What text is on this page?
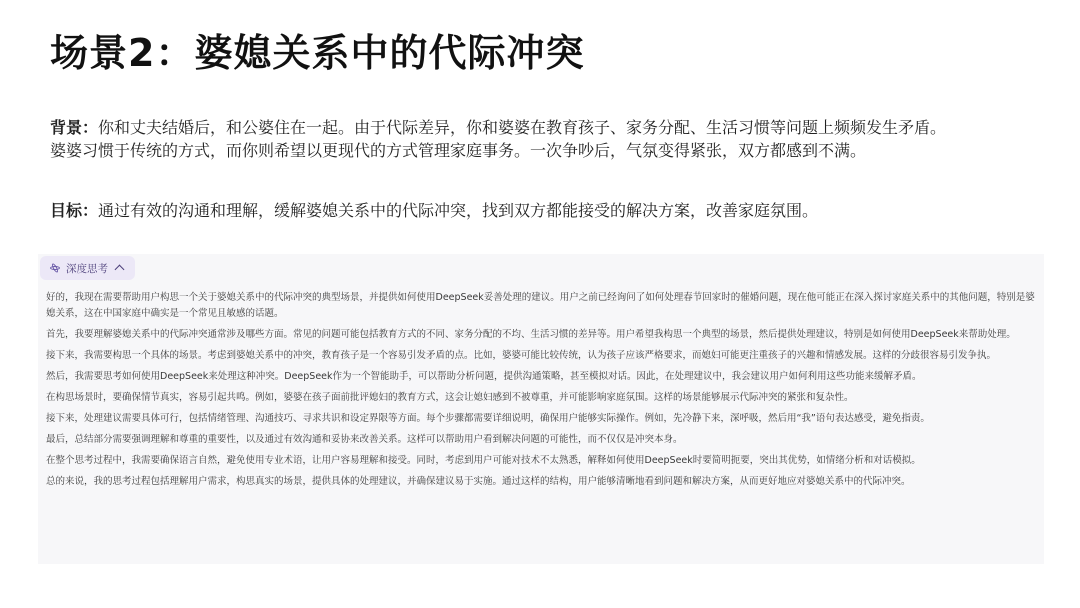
场景2：婆媳关系中的代际冲突
背景：你和丈夫结婚后，和公婆住在一起。由于代际差异，你和婆婆在教育孩子、家务分配、生活习惯等问题上频频发生矛盾。婆婆习惯于传统的方式，而你则希望以更现代的方式管理家庭事务。一次争吵后，气氛变得紧张，双方都感到不满。
目标：通过有效的沟通和理解，缓解婆媳关系中的代际冲突，找到双方都能接受的解决方案，改善家庭氛围。
深度思考

好的，我现在需要帮助用户构思一个关于婆媳关系中的代际冲突的典型场景，并提供如何使用DeepSeek妥善处理的建议。用户之前已经询问了如何处理春节回家时的催婚问题，现在他可能正在深入探讨家庭关系中的其他问题，特别是婆媳关系，这在中国家庭中确实是一个常见且敏感的话题。

首先，我要理解婆媳关系中的代际冲突通常涉及哪些方面。常见的问题可能包括教育方式的不同、家务分配的不均、生活习惯的差异等。用户希望我构思一个典型的场景，然后提供处理建议，特别是如何使用DeepSeek来帮助处理。

接下来，我需要构思一个具体的场景。考虑到婆媳关系中的冲突，教育孩子是一个容易引发矛盾的点。比如，婆婆可能比较传统，认为孩子应该严格要求，而媳妇可能更注重孩子的兴趣和情感发展。这样的分歧很容易引发争执。

然后，我需要思考如何使用DeepSeek来处理这种冲突。DeepSeek作为一个智能助手，可以帮助分析问题，提供沟通策略，甚至模拟对话。因此，在处理建议中，我会建议用户如何利用这些功能来缓解矛盾。

在构思场景时，要确保情节真实，容易引起共鸣。例如，婆婆在孩子面前批评媳妇的教育方式，这会让媳妇感到不被尊重，并可能影响家庭氛围。这样的场景能够展示代际冲突的紧张和复杂性。

接下来，处理建议需要具体可行，包括情绪管理、沟通技巧、寻求共识和设定界限等方面。每个步骤都需要详细说明，确保用户能够实际操作。例如，先冷静下来，深呼吸，然后用“我”语句表达感受，避免指责。

最后，总结部分需要强调理解和尊重的重要性，以及通过有效沟通和妥协来改善关系。这样可以帮助用户看到解决问题的可能性，而不仅仅是冲突本身。

在整个思考过程中，我需要确保语言自然，避免使用专业术语，让用户容易理解和接受。同时，考虑到用户可能对技术不太熟悉，解释如何使用DeepSeek时要简明扼要，突出其优势，如情绪分析和对话模拟。

总的来说，我的思考过程包括理解用户需求，构思真实的场景，提供具体的处理建议，并确保建议易于实施。通过这样的结构，用户能够清晰地看到问题和解决方案，从而更好地应对婆媳关系中的代际冲突。
